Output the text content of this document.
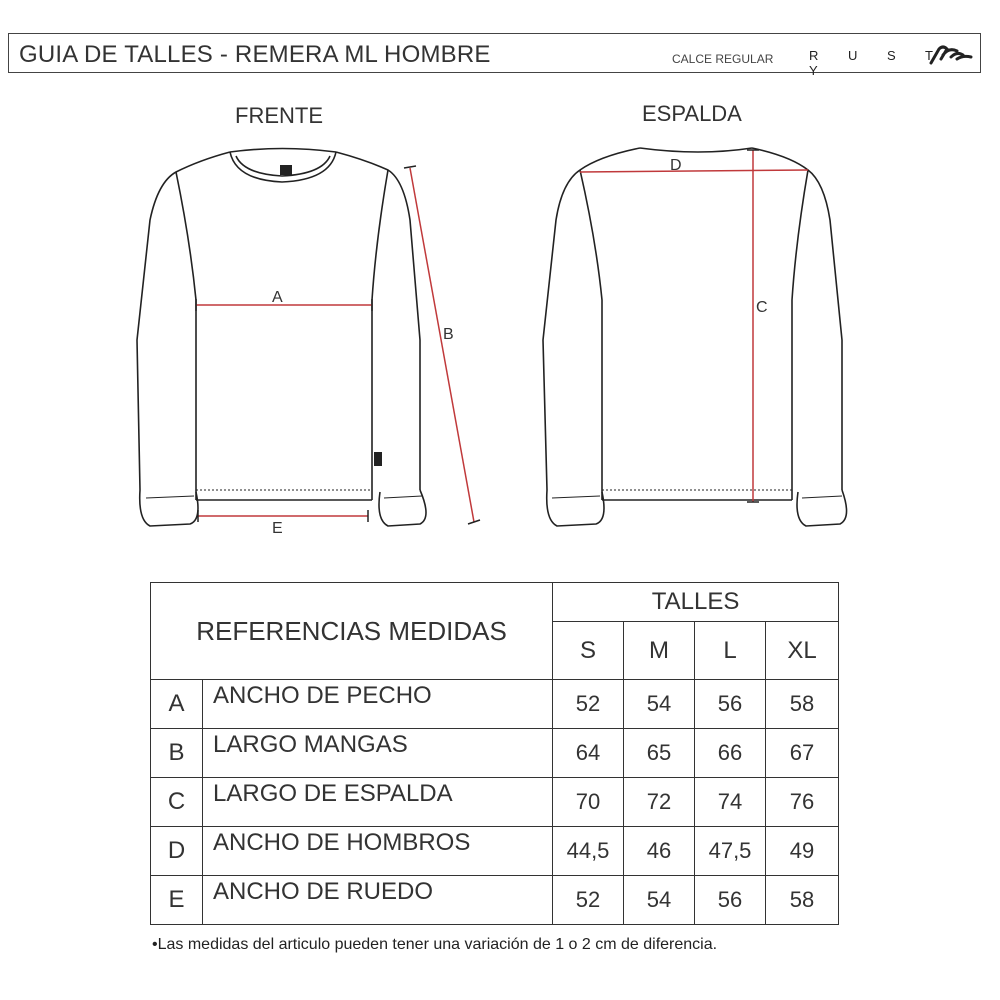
GUIA DE TALLES - REMERA ML HOMBRE	CALCE REGULAR	R U S T Y
FRENTE	ESPALDA
A
B
E
D
C
REFERENCIAS MEDIDAS		TALLES			
		S	M	L	XL
A	ANCHO DE PECHO	52	54	56	58
B	LARGO MANGAS	64	65	66	67
C	LARGO DE ESPALDA	70	72	74	76
D	ANCHO DE HOMBROS	44,5	46	47,5	49
E	ANCHO DE RUEDO	52	54	56	58
•Las medidas del articulo pueden tener una variación de 1 o 2 cm de diferencia.
